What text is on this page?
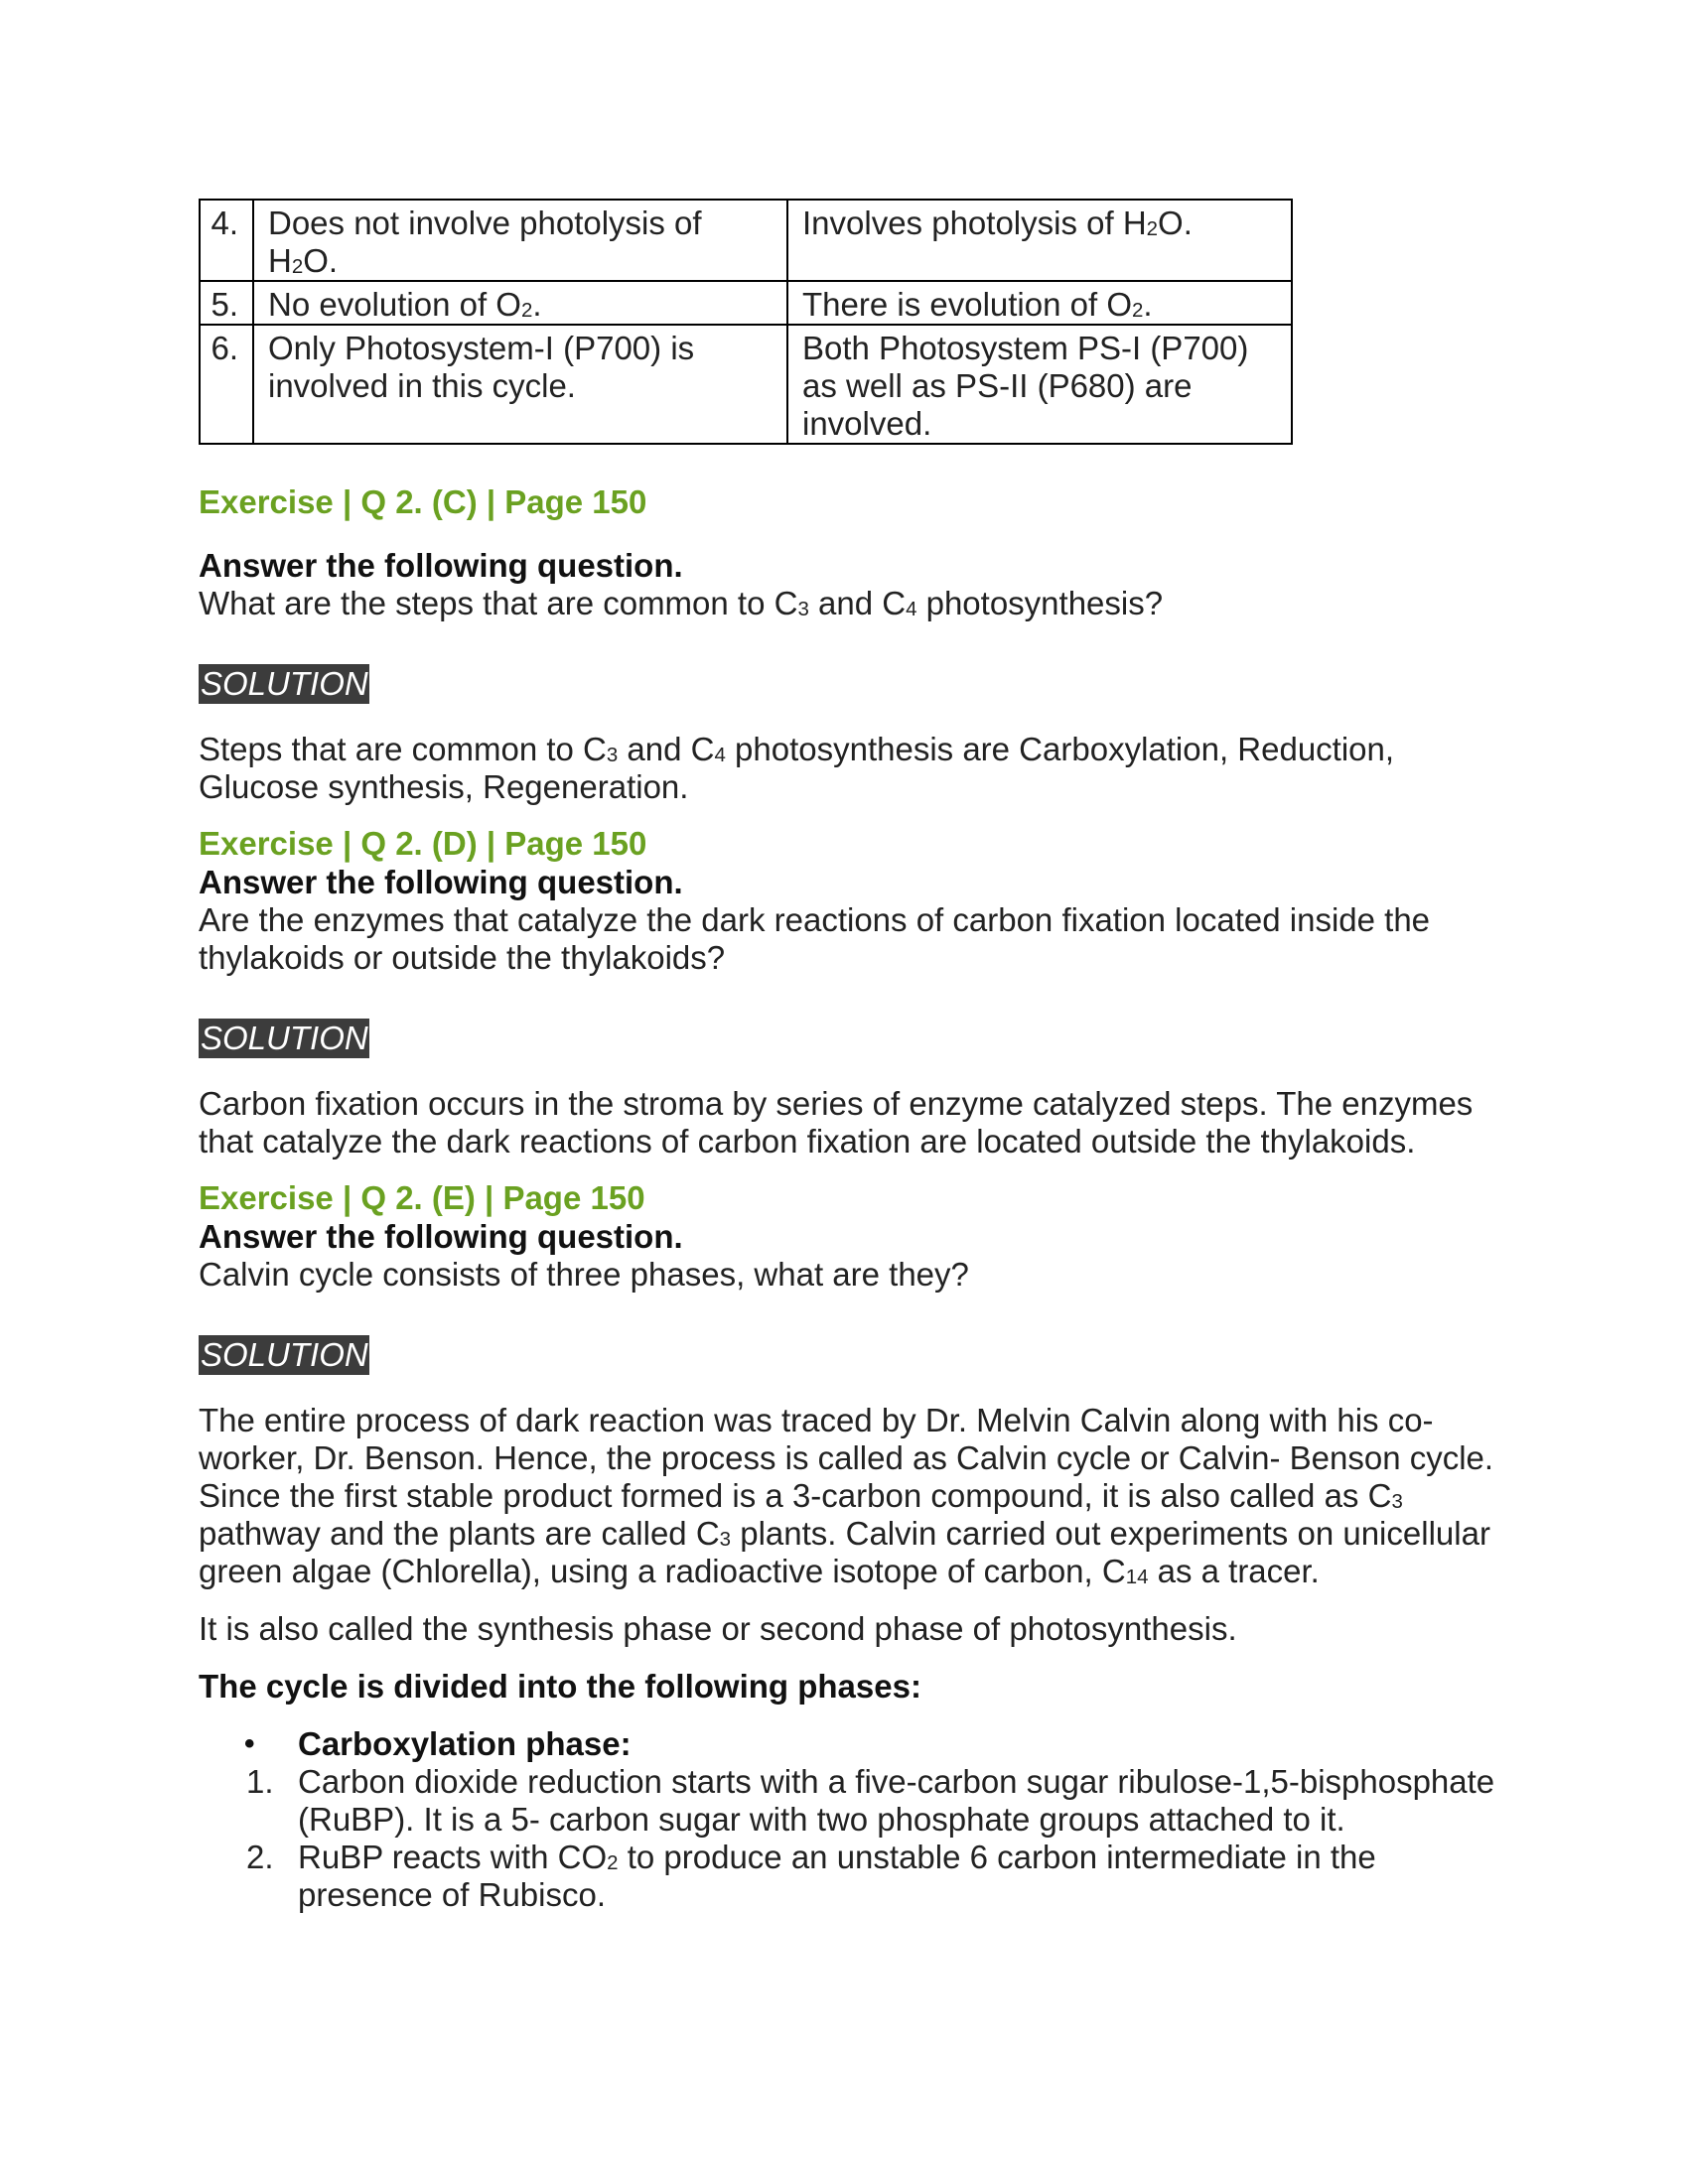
4.	Does not involve photolysis of $H_2O$.	Involves photolysis of $H_2O$.
5.	No evolution of $O_2$.	There is evolution of $O_2$.
6.	Only Photosystem-I (P700) is involved in this cycle.	Both Photosystem PS-I (P700) as well as PS-II (P680) are involved.
Exercise | Q 2. (C) | Page 150
Answer the following question.

What are the steps that are common to $C_3$ and $C_4$ photosynthesis?

SOLUTION

Steps that are common to $C_3$ and $C_4$ photosynthesis are Carboxylation, Reduction, Glucose synthesis, Regeneration.

Exercise | Q 2. (D) | Page 150
Answer the following question.

Are the enzymes that catalyze the dark reactions of carbon fixation located inside the thylakoids or outside the thylakoids?

SOLUTION

Carbon fixation occurs in the stroma by series of enzyme catalyzed steps. The enzymes that catalyze the dark reactions of carbon fixation are located outside the thylakoids.

Exercise | Q 2. (E) | Page 150
Answer the following question.

Calvin cycle consists of three phases, what are they?

SOLUTION

The entire process of dark reaction was traced by Dr. Melvin Calvin along with his co-worker, Dr. Benson. Hence, the process is called as Calvin cycle or Calvin- Benson cycle. Since the first stable product formed is a 3-carbon compound, it is also called as $C_3$ pathway and the plants are called $C_3$ plants. Calvin carried out experiments on unicellular green algae (Chlorella), using a radioactive isotope of carbon, $C_{14}$ as a tracer.

It is also called the synthesis phase or second phase of photosynthesis.

The cycle is divided into the following phases:
•	Carboxylation phase:
1. Carbon dioxide reduction starts with a five-carbon sugar ribulose-1,5-bisphosphate (RuBP). It is a 5- carbon sugar with two phosphate groups attached to it.
2. RuBP reacts with $CO_2$ to produce an unstable 6 carbon intermediate in the presence of Rubisco.
